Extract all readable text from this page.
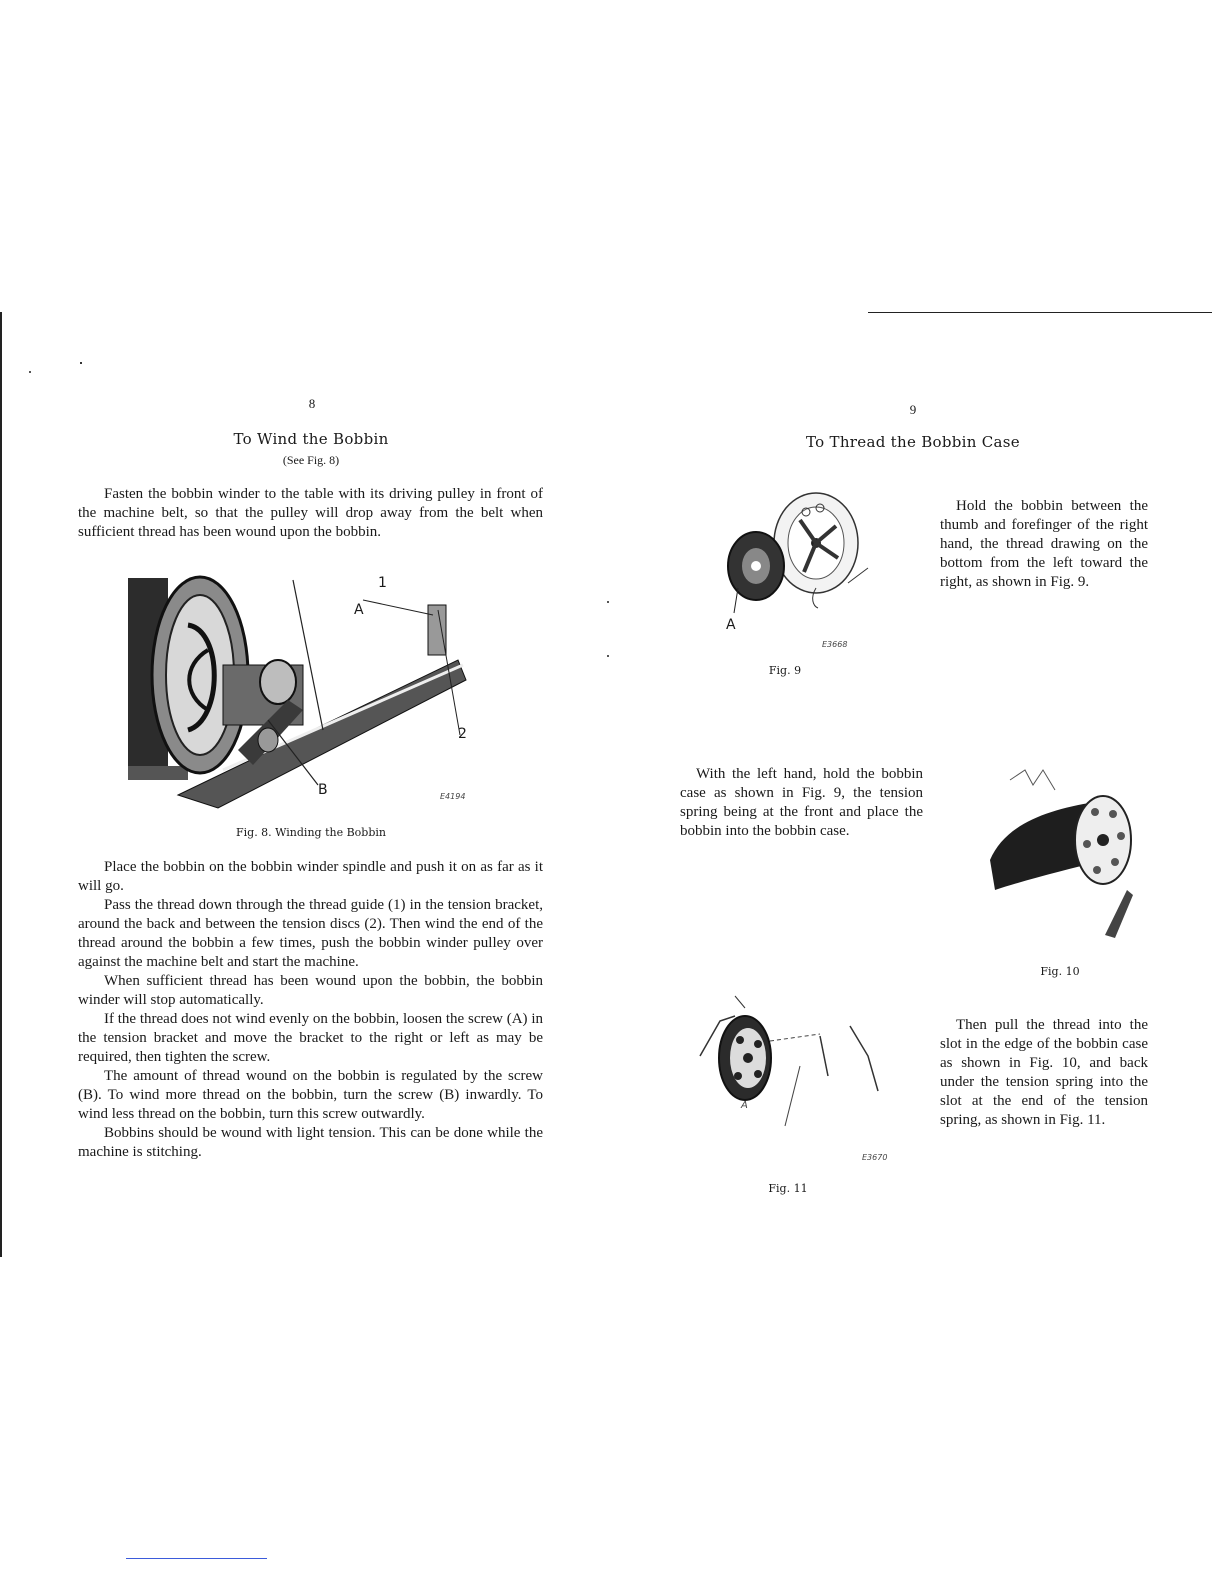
8
To Wind the Bobbin
(See Fig. 8)

Fasten the bobbin winder to the table with its driving pulley in front of the machine belt, so that the pulley will drop away from the belt when sufficient thread has been wound upon the bobbin.

1
A
2
B	E4194
Fig. 8. Winding the Bobbin

Place the bobbin on the bobbin winder spindle and push it on as far as it will go.

Pass the thread down through the thread guide (1) in the tension bracket, around the back and between the tension discs (2). Then wind the end of the thread around the bobbin a few times, push the bobbin winder pulley over against the machine belt and start the machine.

When sufficient thread has been wound upon the bobbin, the bobbin winder will stop automatically.

If the thread does not wind evenly on the bobbin, loosen the screw (A) in the tension bracket and move the bracket to the right or left as may be required, then tighten the screw.

The amount of thread wound on the bobbin is regulated by the screw (B). To wind more thread on the bobbin, turn the screw (B) inwardly. To wind less thread on the bobbin, turn this screw outwardly.

Bobbins should be wound with light tension. This can be done while the machine is stitching.

9
To Thread the Bobbin Case
A
E3668
Fig. 9

Hold the bobbin between the thumb and forefinger of the right hand, the thread drawing on the bottom from the left toward the right, as shown in Fig. 9.

With the left hand, hold the bobbin case as shown in Fig. 9, the tension spring being at the front and place the bobbin into the bobbin case.

Fig. 10
A
E3670
Fig. 11

Then pull the thread into the slot in the edge of the bobbin case as shown in Fig. 10, and back under the tension spring into the slot at the end of the tension spring, as shown in Fig. 11.
